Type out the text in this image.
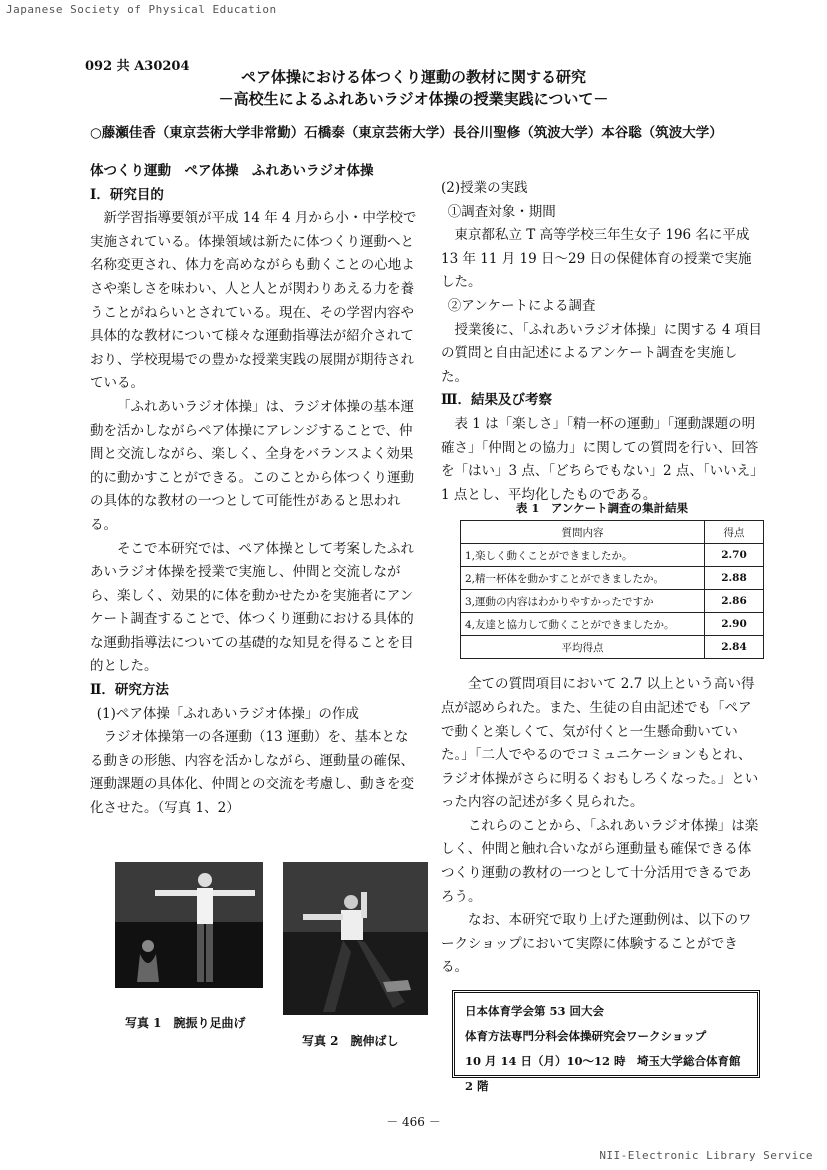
Japanese Society of Physical Education
092 共 A30204
ペア体操における体つくり運動の教材に関する研究
－高校生によるふれあいラジオ体操の授業実践について－
○藤瀬佳香（東京芸術大学非常勤）石橋泰（東京芸術大学）長谷川聖修（筑波大学）本谷聡（筑波大学）

体つくり運動　ペア体操　ふれあいラジオ体操

Ⅰ．研究目的

新学習指導要領が平成 14 年 4 月から小・中学校で実施されている。体操領域は新たに体つくり運動へと名称変更され、体力を高めながらも動くことの心地よさや楽しさを味わい、人と人とが関わりあえる力を養うことがねらいとされている。現在、その学習内容や具体的な教材について様々な運動指導法が紹介されており、学校現場での豊かな授業実践の展開が期待されている。

「ふれあいラジオ体操」は、ラジオ体操の基本運動を活かしながらペア体操にアレンジすることで、仲間と交流しながら、楽しく、全身をバランスよく効果的に動かすことができる。このことから体つくり運動の具体的な教材の一つとして可能性があると思われる。

そこで本研究では、ペア体操として考案したふれあいラジオ体操を授業で実施し、仲間と交流しながら、楽しく、効果的に体を動かせたかを実施者にアンケート調査することで、体つくり運動における具体的な運動指導法についての基礎的な知見を得ることを目的とした。

Ⅱ．研究方法

(1)ペア体操「ふれあいラジオ体操」の作成

ラジオ体操第一の各運動（13 運動）を、基本となる動きの形態、内容を活かしながら、運動量の確保、運動課題の具体化、仲間との交流を考慮し、動きを変化させた。（写真 1、2）

写真 1　腕振り足曲げ
写真 2　腕伸ばし

(2)授業の実践

①調査対象・期間

東京都私立 T 高等学校三年生女子 196 名に平成 13 年 11 月 19 日～29 日の保健体育の授業で実施した。

②アンケートによる調査

授業後に、「ふれあいラジオ体操」に関する 4 項目の質問と自由記述によるアンケート調査を実施した。

Ⅲ．結果及び考察

表 1 は「楽しさ」「精一杯の運動」「運動課題の明確さ」「仲間との協力」に関しての質問を行い、回答を「はい」3 点、「どちらでもない」2 点、「いいえ」1 点とし、平均化したものである。

全ての質問項目において 2.7 以上という高い得点が認められた。また、生徒の自由記述でも「ペアで動くと楽しくて、気が付くと一生懸命動いていた。」「二人でやるのでコミュニケーションもとれ、ラジオ体操がさらに明るくおもしろくなった。」といった内容の記述が多く見られた。

これらのことから、「ふれあいラジオ体操」は楽しく、仲間と触れ合いながら運動量も確保できる体つくり運動の教材の一つとして十分活用できるであろう。

なお、本研究で取り上げた運動例は、以下のワークショップにおいて実際に体験することができる。

表 1　アンケート調査の集計結果
質問内容	得点
1,楽しく動くことができましたか。	2.70
2,精一杯体を動かすことができましたか。	2.88
3,運動の内容はわかりやすかったですか	2.86
4,友達と協力して動くことができましたか。	2.90
平均得点	2.84
日本体育学会第 53 回大会
体育方法専門分科会体操研究会ワークショップ
10 月 14 日（月）10～12 時　埼玉大学総合体育館 2 階
－ 466 －
NII-Electronic Library Service
